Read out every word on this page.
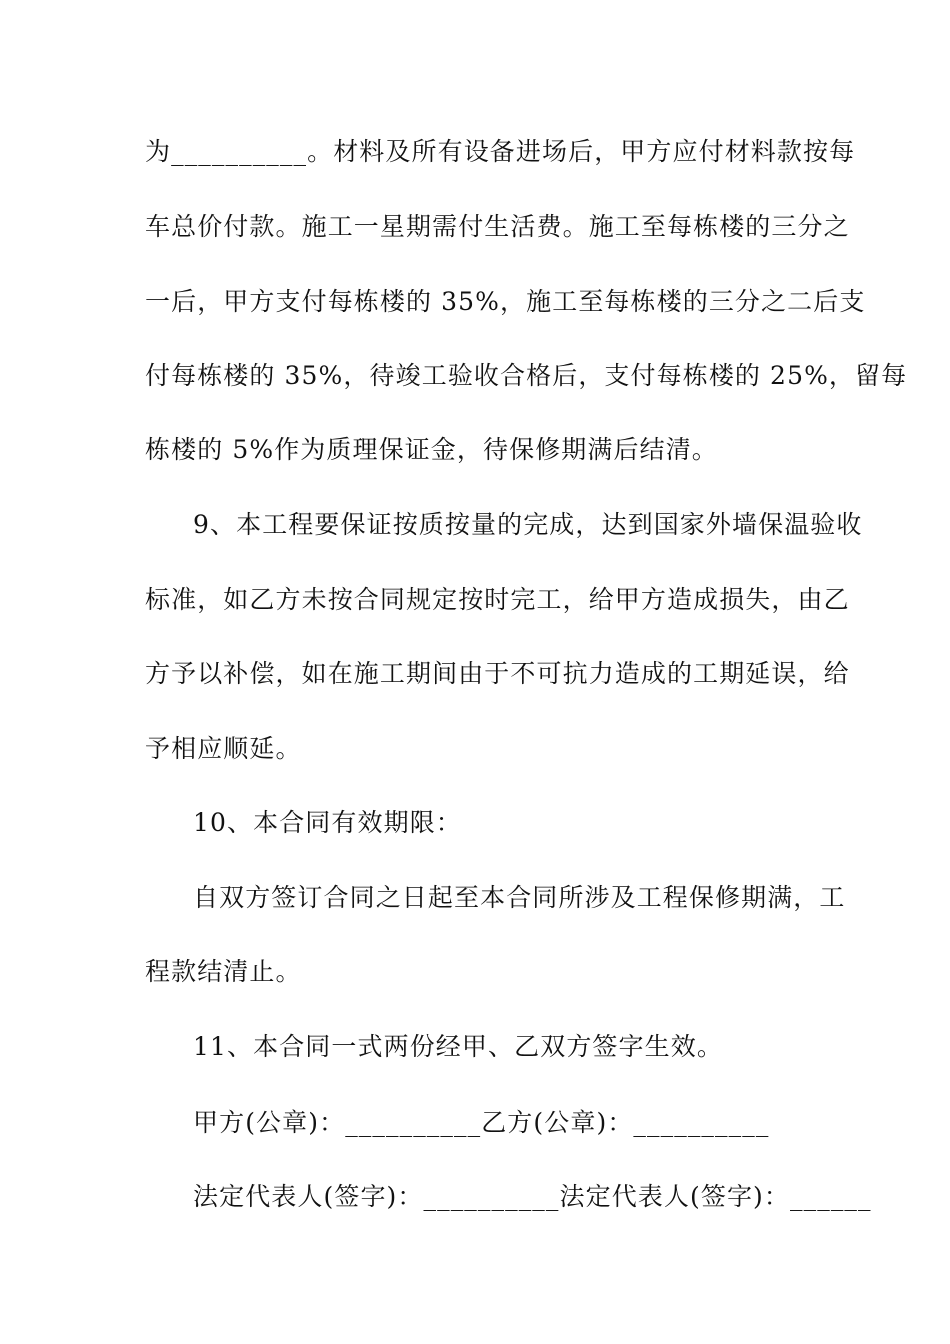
为__________。材料及所有设备进场后，甲方应付材料款按每
车总价付款。施工一星期需付生活费。施工至每栋楼的三分之
一后，甲方支付每栋楼的 35%，施工至每栋楼的三分之二后支
付每栋楼的 35%，待竣工验收合格后，支付每栋楼的 25%，留每
栋楼的 5%作为质理保证金，待保修期满后结清。
9、本工程要保证按质按量的完成，达到国家外墙保温验收
标准，如乙方未按合同规定按时完工，给甲方造成损失，由乙
方予以补偿，如在施工期间由于不可抗力造成的工期延误，给
予相应顺延。
10、本合同有效期限：
自双方签订合同之日起至本合同所涉及工程保修期满，工
程款结清止。
11、本合同一式两份经甲、乙双方签字生效。
甲方(公章)：__________乙方(公章)：__________
法定代表人(签字)：__________法定代表人(签字)：______
